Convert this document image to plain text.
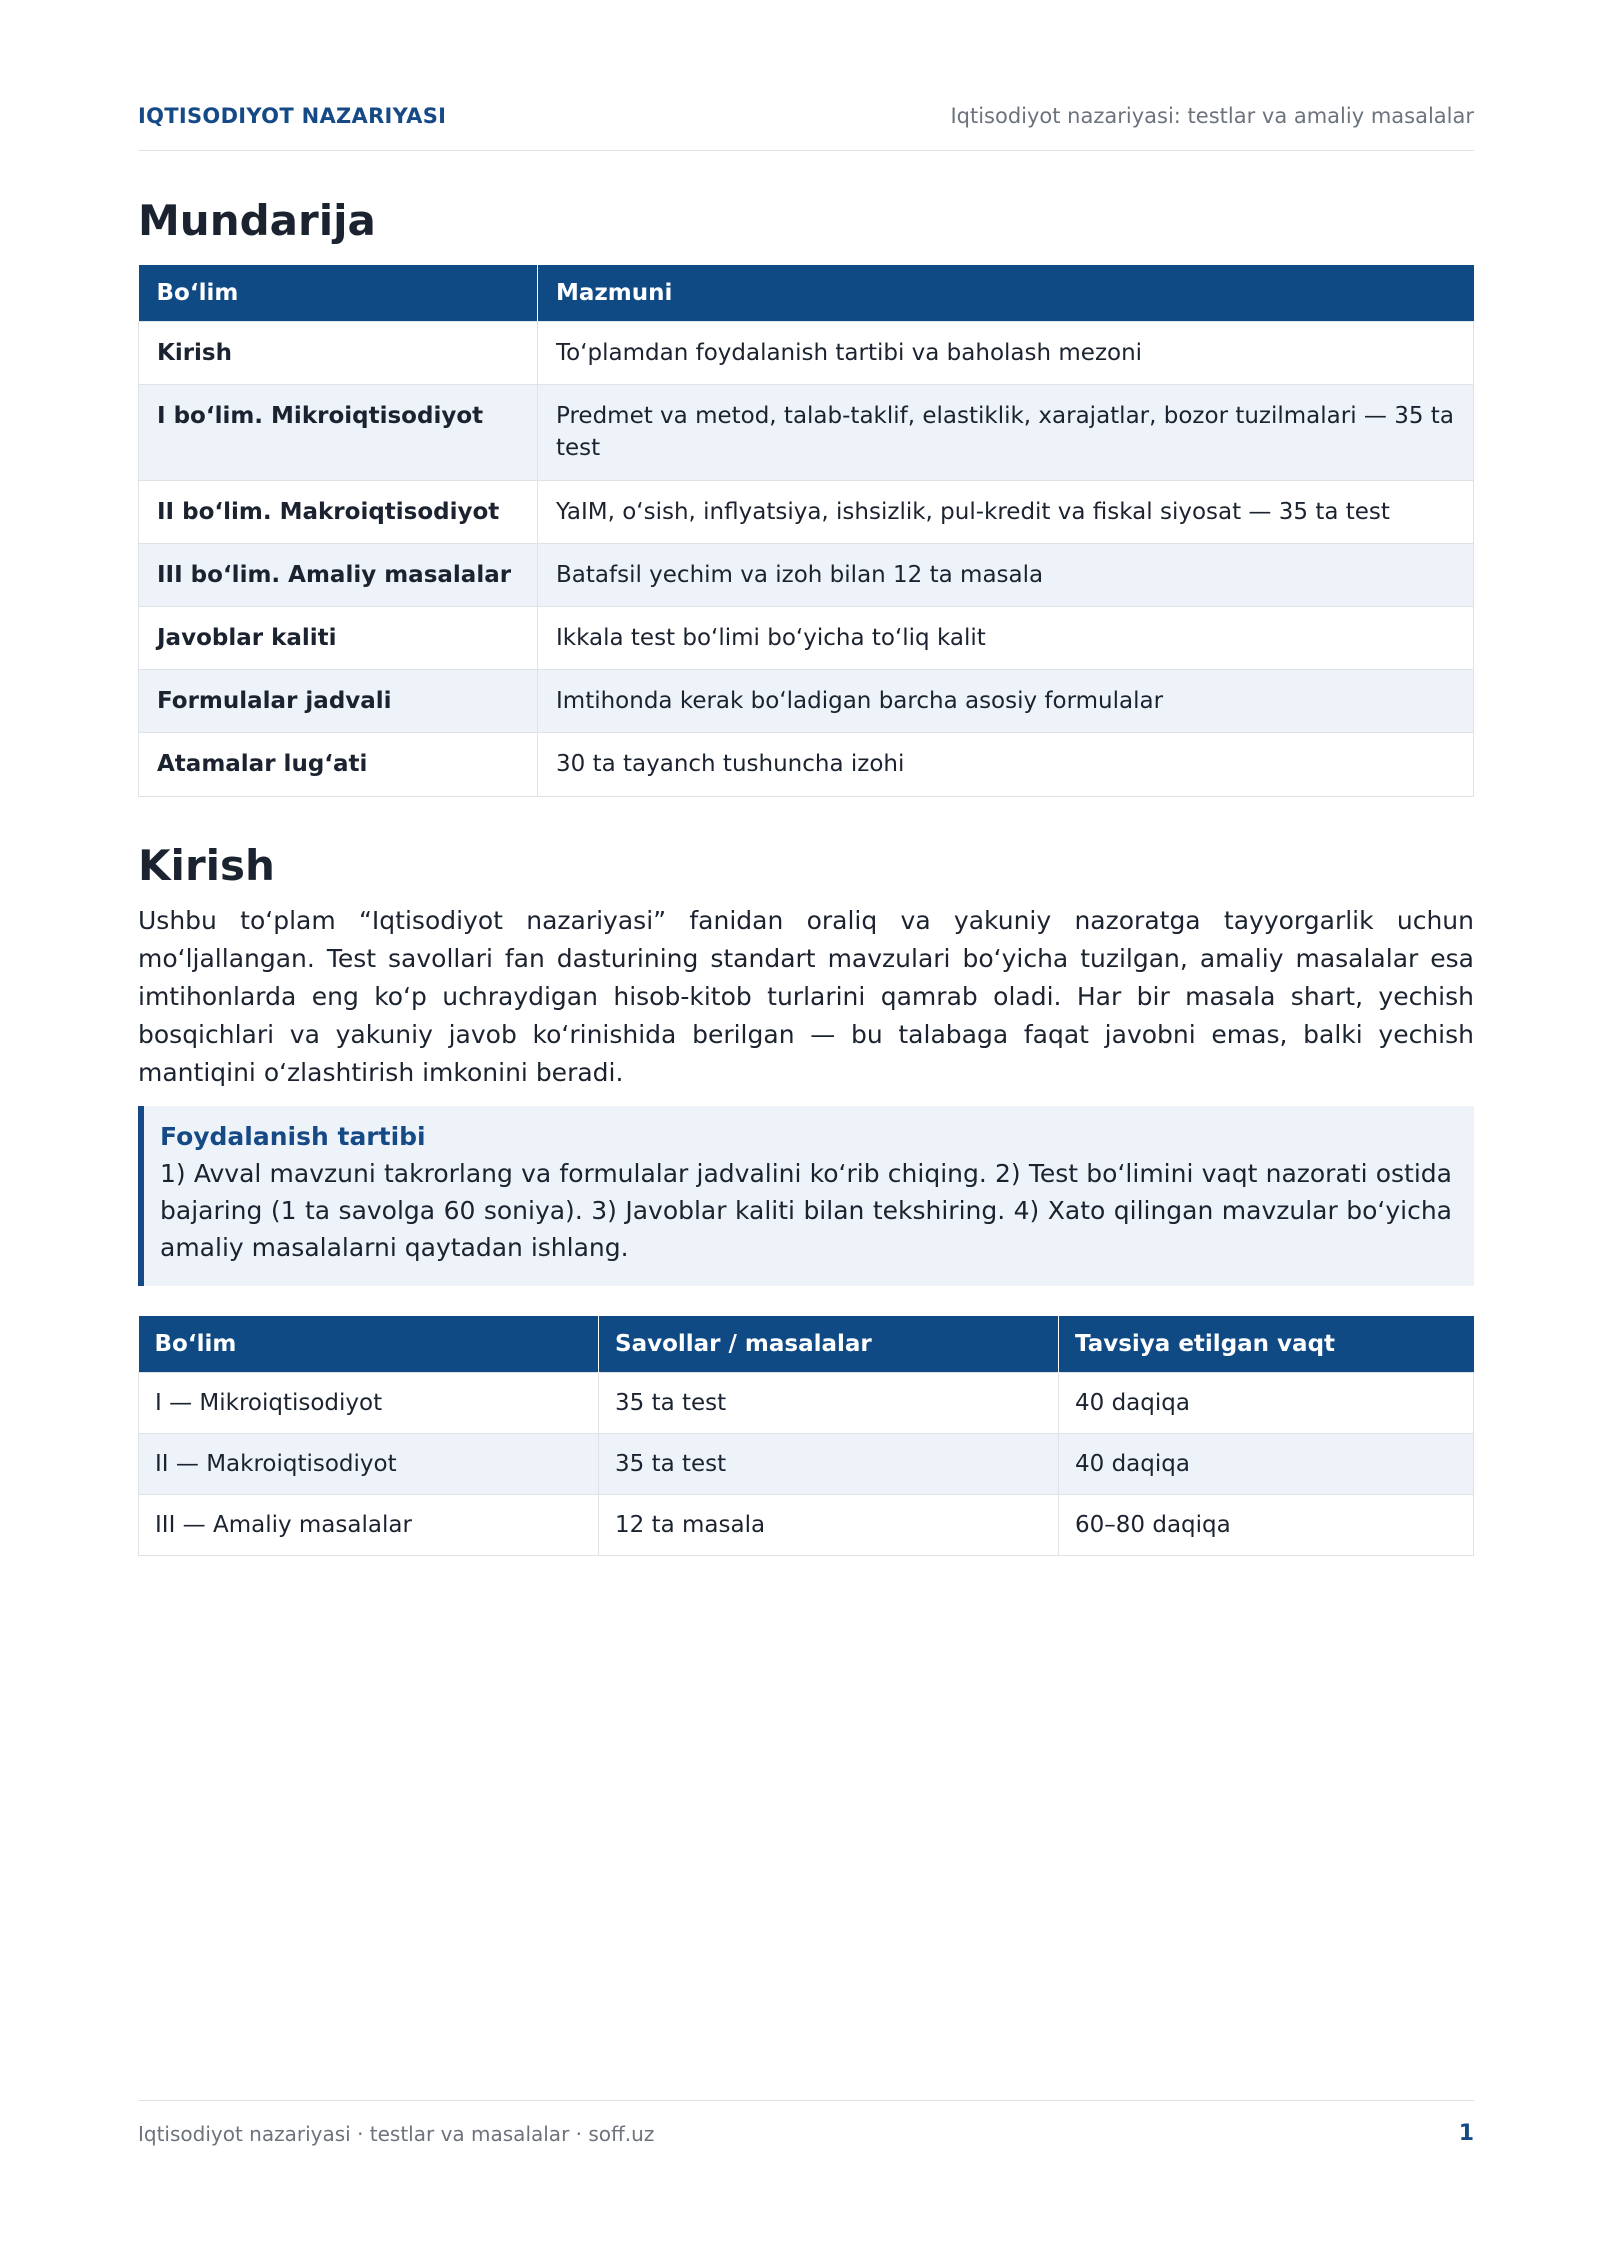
IQTISODIYOT NAZARIYASI	Iqtisodiyot nazariyasi: testlar va amaliy masalalar
Mundarija
Bo‘lim	Mazmuni
Kirish	To‘plamdan foydalanish tartibi va baholash mezoni
I bo‘lim. Mikroiqtisodiyot	Predmet va metod, talab-taklif, elastiklik, xarajatlar, bozor tuzilmalari — 35 ta test
II bo‘lim. Makroiqtisodiyot	YaIM, o‘sish, inflyatsiya, ishsizlik, pul-kredit va fiskal siyosat — 35 ta test
III bo‘lim. Amaliy masalalar	Batafsil yechim va izoh bilan 12 ta masala
Javoblar kaliti	Ikkala test bo‘limi bo‘yicha to‘liq kalit
Formulalar jadvali	Imtihonda kerak bo‘ladigan barcha asosiy formulalar
Atamalar lug‘ati	30 ta tayanch tushuncha izohi
Kirish

Ushbu to‘plam “Iqtisodiyot nazariyasi” fanidan oraliq va yakuniy nazoratga tayyorgarlik uchun mo‘ljallangan. Test savollari fan dasturining standart mavzulari bo‘yicha tuzilgan, amaliy masalalar esa imtihonlarda eng ko‘p uchraydigan hisob-kitob turlarini qamrab oladi. Har bir masala shart, yechish bosqichlari va yakuniy javob ko‘rinishida berilgan — bu talabaga faqat javobni emas, balki yechish mantiqini o‘zlashtirish imkonini beradi.

Foydalanish tartibi
1) Avval mavzuni takrorlang va formulalar jadvalini ko‘rib chiqing. 2) Test bo‘limini vaqt nazorati ostida bajaring (1 ta savolga 60 soniya). 3) Javoblar kaliti bilan tekshiring. 4) Xato qilingan mavzular bo‘yicha amaliy masalalarni qaytadan ishlang.
Bo‘lim	Savollar / masalalar	Tavsiya etilgan vaqt
I — Mikroiqtisodiyot	35 ta test	40 daqiqa
II — Makroiqtisodiyot	35 ta test	40 daqiqa
III — Amaliy masalalar	12 ta masala	60–80 daqiqa
Iqtisodiyot nazariyasi · testlar va masalalar · soff.uz	1
